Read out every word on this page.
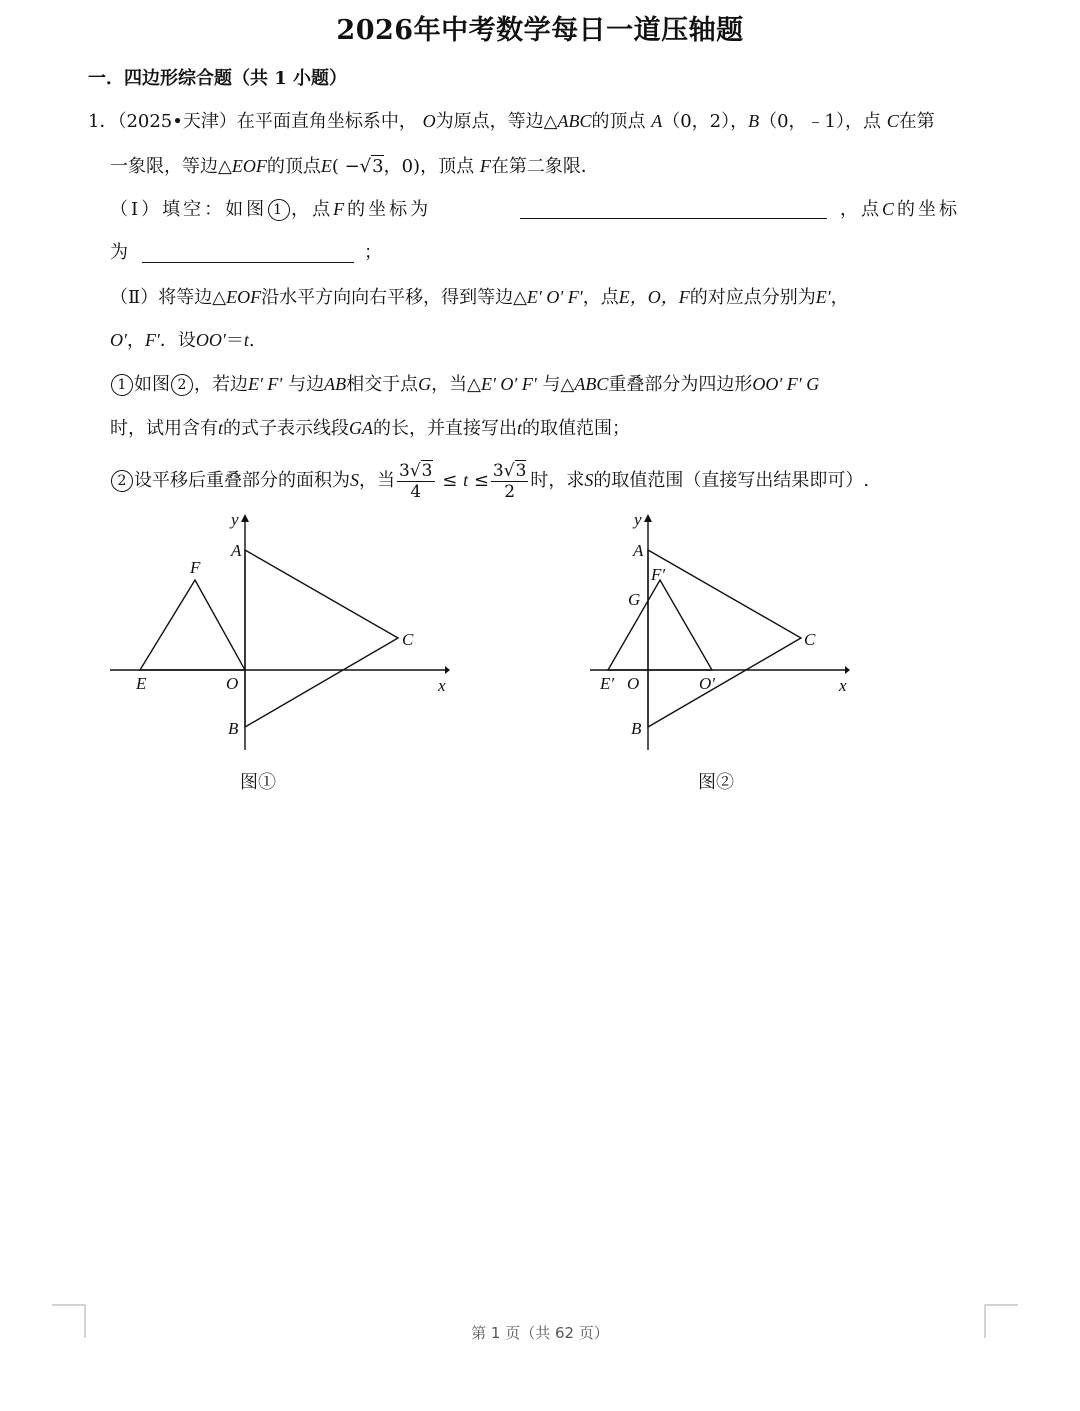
2026年中考数学每日一道压轴题
一．四边形综合题（共 1 小题）
1．（2025•天津）在平面直角坐标系中， O为原点，等边△ABC的顶点 A（0，2），B（0，﹣1），点 C在第
一象限，等边△EOF的顶点E( −√3，0)，顶点 F在第二象限．
（Ⅰ）填空：如图 1 ，点F的坐标为	，点C的坐标
为	；
（Ⅱ）将等边△EOF沿水平方向向右平移，得到等边△E′ O′ F′，点E，O，F的对应点分别为E′，
O′，F′．设OO′＝t.
1 如图 2 ，若边E′ F′ 与边AB相交于点G，当△E′ O′ F′ 与△ABC重叠部分为四边形OO′ F′ G
时，试用含有t的式子表示线段GA的长，并直接写出t的取值范围；
2 设平移后重叠部分的面积为S，当 $\frac{3√3}{4} \le t \le \frac{3√3}{2}$ 时，求S的取值范围（直接写出结果即可）.
y
x
A
B
C
E
F
O
图①
y
x
A
B
C
E′
F′
G
O	O′
图②
第 1 页（共 62 页）
